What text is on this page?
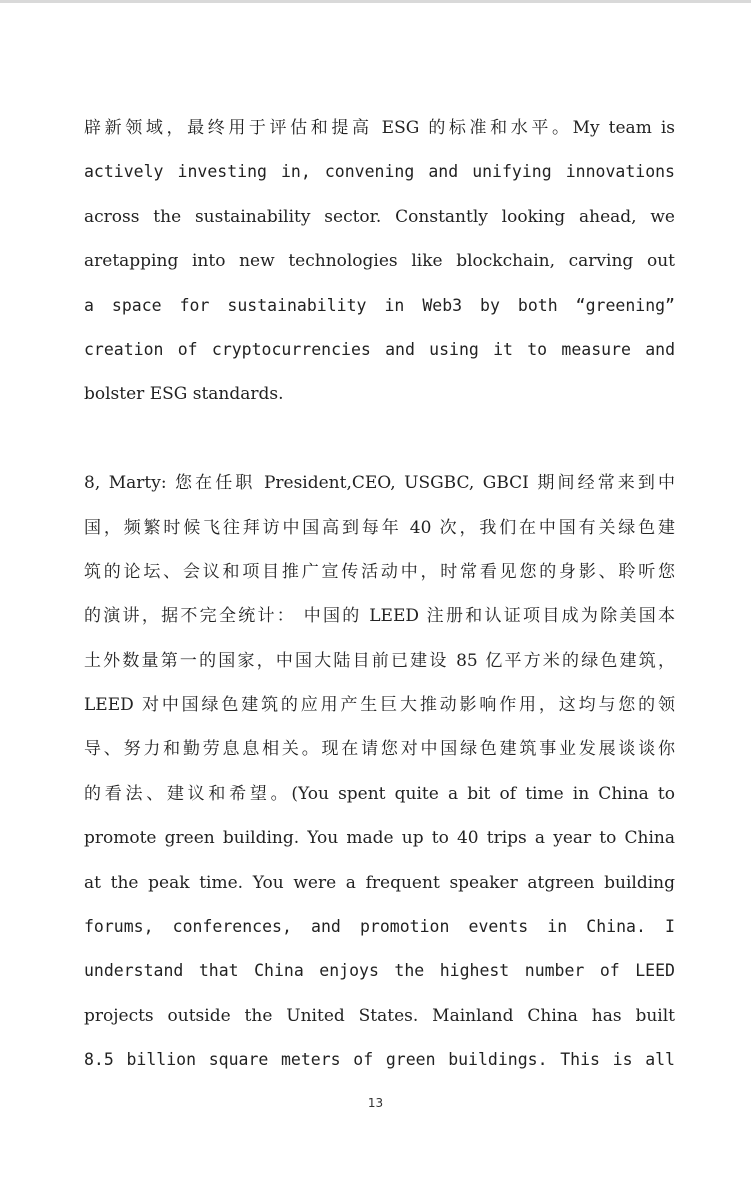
辟新领域，最终用于评估和提高 ESG 的标准和水平。My team is
actively investing in, convening and unifying innovations
across the sustainability sector. Constantly looking ahead, we
aretapping into new technologies like blockchain, carving out
a space for sustainability in Web3 by both “greening”
creation of cryptocurrencies and using it to measure and
bolster ESG standards.
8, Marty: 您在任职 President,CEO, USGBC, GBCI 期间经常来到中
国，频繁时候飞往拜访中国高到每年 40 次，我们在中国有关绿色建
筑的论坛、会议和项目推广宣传活动中，时常看见您的身影、聆听您
的演讲，据不完全统计： 中国的 LEED 注册和认证项目成为除美国本
土外数量第一的国家，中国大陆目前已建设 85 亿平方米的绿色建筑，
LEED 对中国绿色建筑的应用产生巨大推动影响作用，这均与您的领
导、努力和勤劳息息相关。现在请您对中国绿色建筑事业发展谈谈你
的看法、建议和希望。(You spent quite a bit of time in China to
promote green building. You made up to 40 trips a year to China
at the peak time. You were a frequent speaker atgreen building
forums, conferences, and promotion events in China. I
understand that China enjoys the highest number of LEED
projects outside the United States. Mainland China has built
8.5 billion square meters of green buildings. This is all
13
